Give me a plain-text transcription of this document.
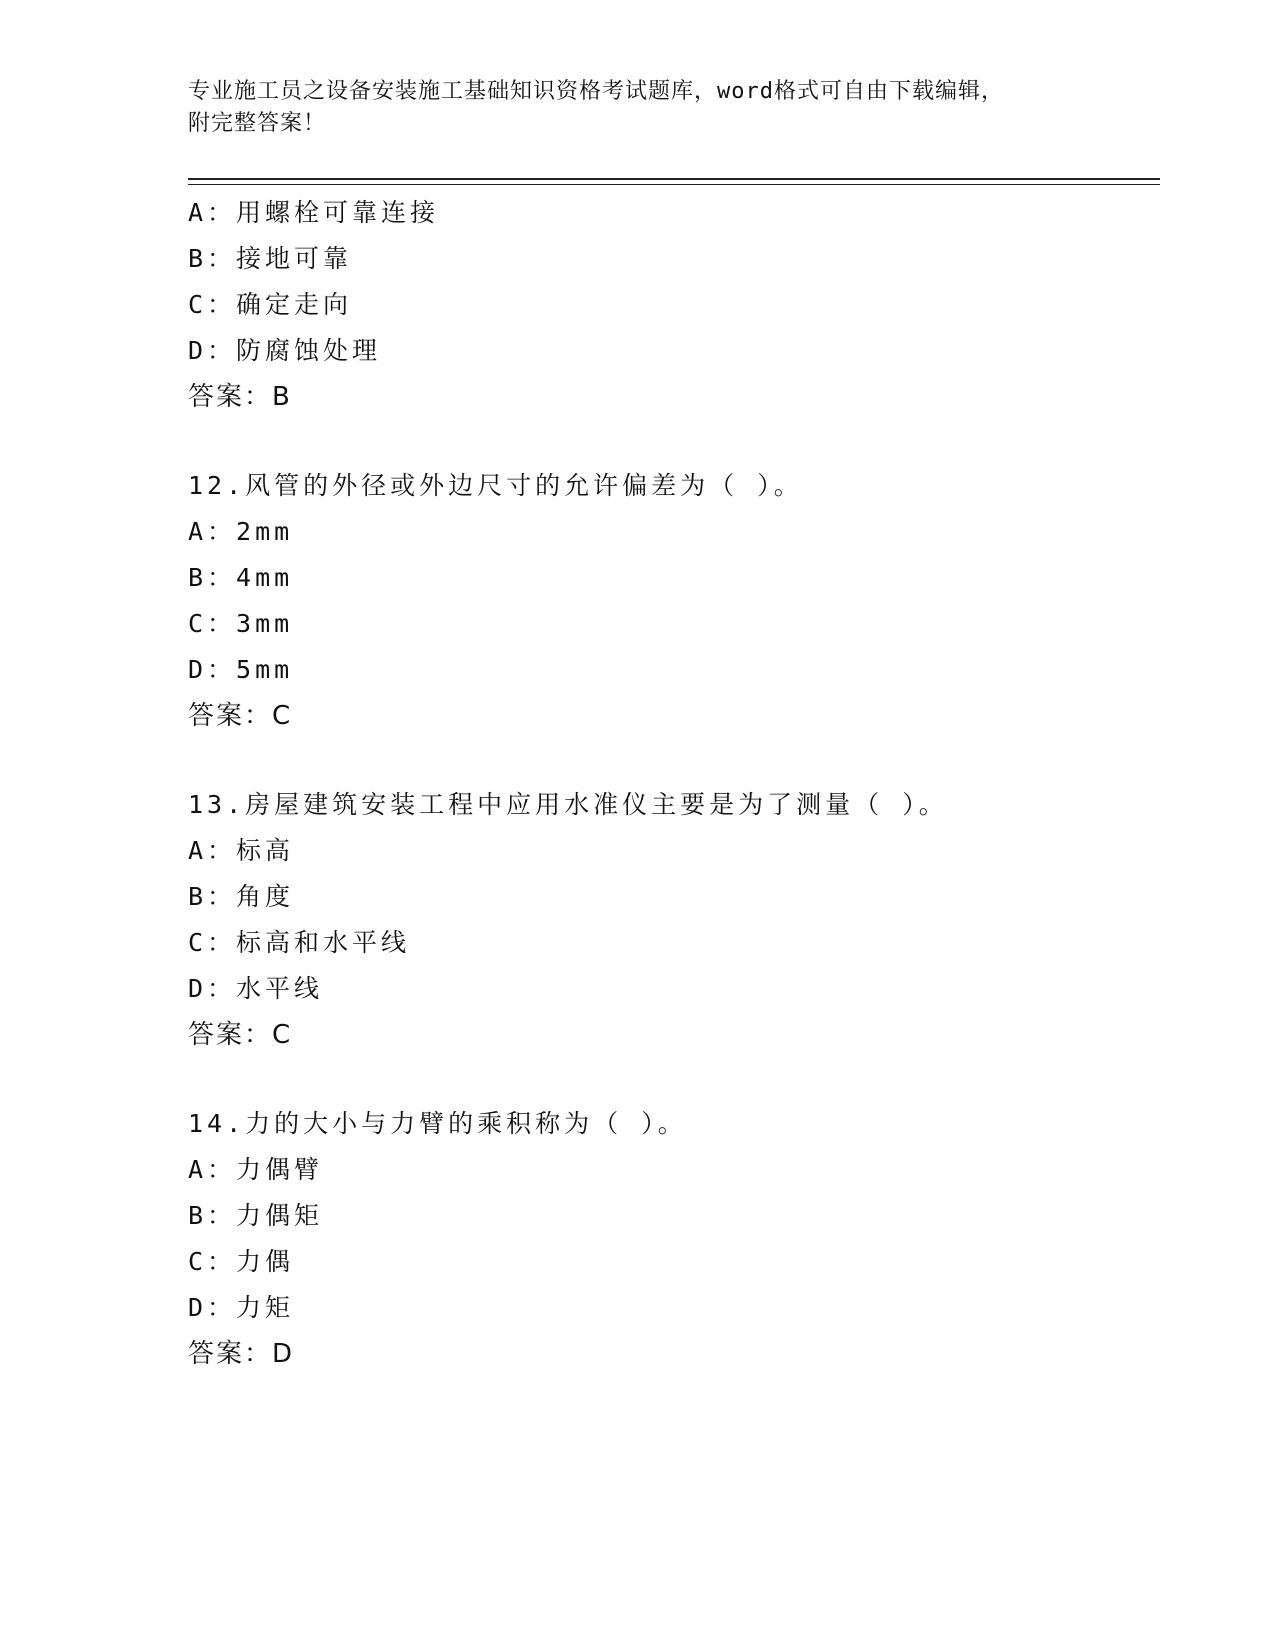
专业施工员之设备安装施工基础知识资格考试题库，word格式可自由下载编辑，
附完整答案！
A：用螺栓可靠连接
B：接地可靠
C：确定走向
D：防腐蚀处理
答案：B
12.风管的外径或外边尺寸的允许偏差为（ ）。
A：2mm
B：4mm
C：3mm
D：5mm
答案：C
13.房屋建筑安装工程中应用水准仪主要是为了测量（ ）。
A：标高
B：角度
C：标高和水平线
D：水平线
答案：C
14.力的大小与力臂的乘积称为（ ）。
A：力偶臂
B：力偶矩
C：力偶
D：力矩
答案：D
